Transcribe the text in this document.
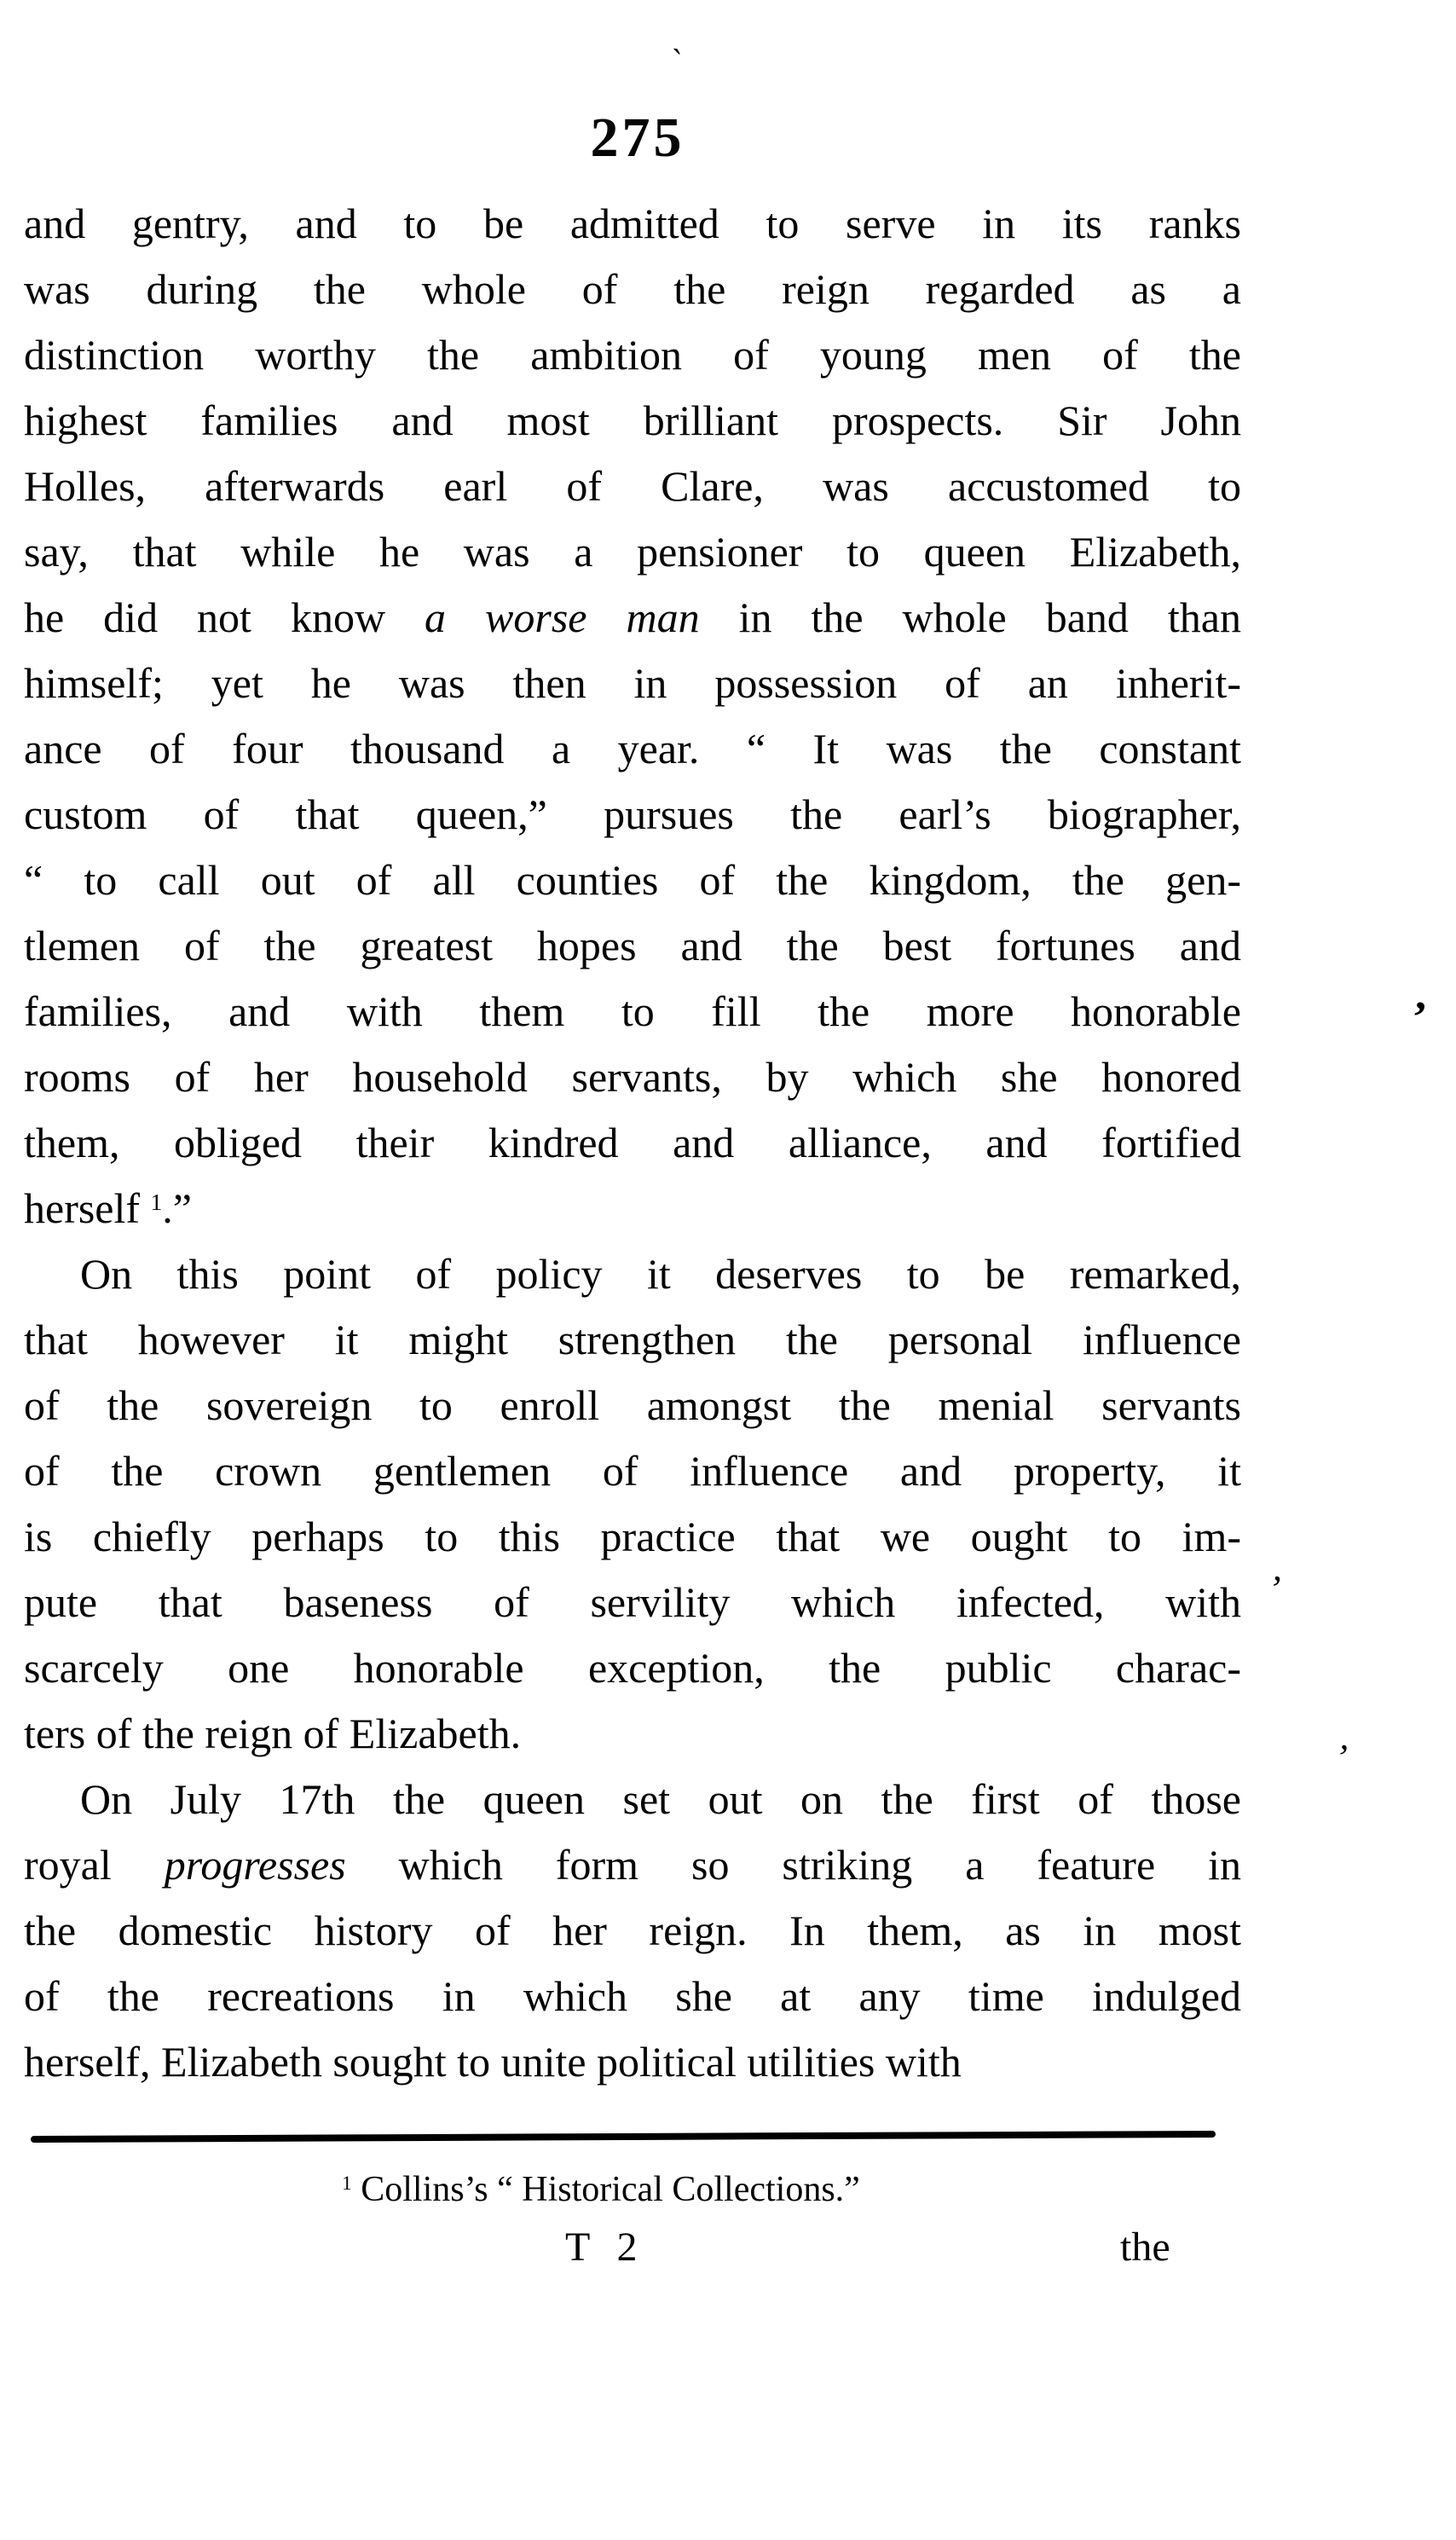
`
275
and gentry, and to be admitted to serve in its ranks
was during the whole of the reign regarded as a
distinction worthy the ambition of young men of the
highest families and most brilliant prospects. Sir John
Holles, afterwards earl of Clare, was accustomed to
say, that while he was a pensioner to queen Elizabeth,
he did not know a worse man in the whole band than
himself; yet he was then in possession of an inherit-
ance of four thousand a year. “ It was the constant
custom of that queen,” pursues the earl’s biographer,
“ to call out of all counties of the kingdom, the gen-
tlemen of the greatest hopes and the best fortunes and
families, and with them to fill the more honorable
rooms of her household servants, by which she honored
them, obliged their kindred and alliance, and fortified
herself $^1$.”
On this point of policy it deserves to be remarked,
that however it might strengthen the personal influence
of the sovereign to enroll amongst the menial servants
of the crown gentlemen of influence and property, it
is chiefly perhaps to this practice that we ought to im-
pute that baseness of servility which infected, with
scarcely one honorable exception, the public charac-
ters of the reign of Elizabeth.
On July 17th the queen set out on the first of those
royal progresses which form so striking a feature in
the domestic history of her reign. In them, as in most
of the recreations in which she at any time indulged
herself, Elizabeth sought to unite political utilities with
’
’
’
$^1$ Collins’s “ Historical Collections.”
T 2	the
